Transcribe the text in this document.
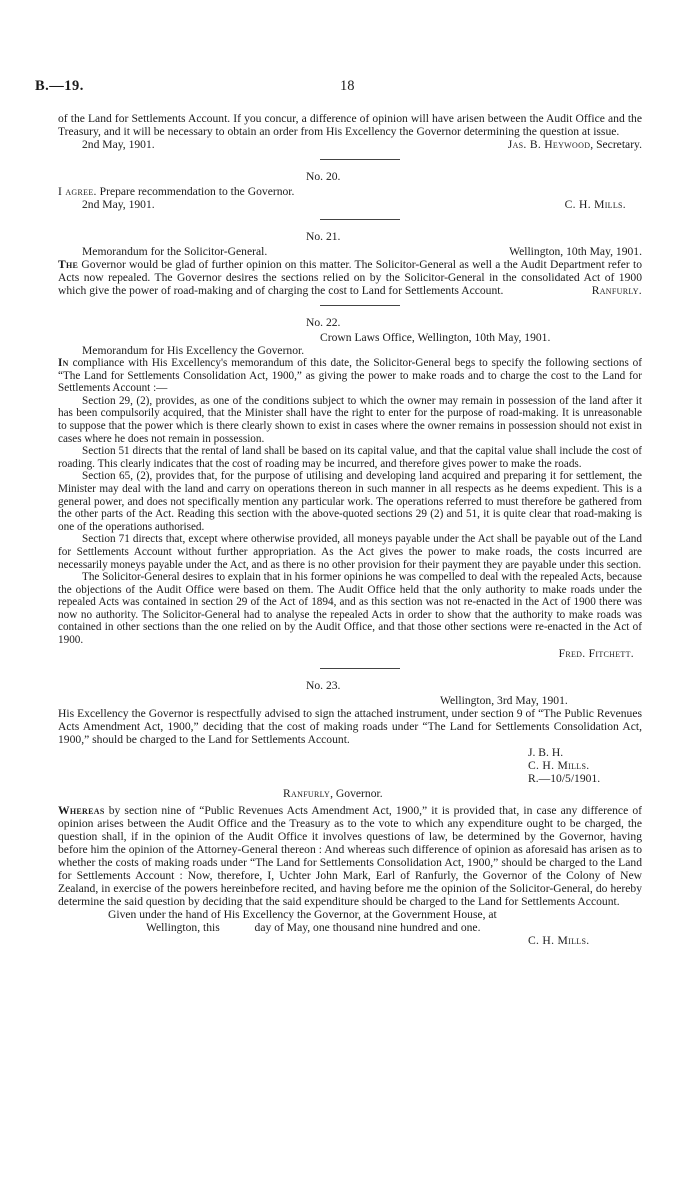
B.—19.	18

of the Land for Settlements Account. If you concur, a difference of opinion will have arisen between the Audit Office and the Treasury, and it will be necessary to obtain an order from His Excellency the Governor determining the question at issue.

2nd May, 1901.	Jas. B. Heywood, Secretary.
No. 20.

I agree. Prepare recommendation to the Governor.

2nd May, 1901.	C. H. Mills.
No. 21.
Memorandum for the Solicitor-General.	Wellington, 10th May, 1901.

The Governor would be glad of further opinion on this matter. The Solicitor-General as well a the Audit Department refer to Acts now repealed. The Governor desires the sections relied on by the Solicitor-General in the consolidated Act of 1900 which give the power of road-making and of charging the cost to Land for Settlements Account.	Ranfurly.
No. 22.
Crown Laws Office, Wellington, 10th May, 1901.
Memorandum for His Excellency the Governor.

In compliance with His Excellency's memorandum of this date, the Solicitor-General begs to specify the following sections of “The Land for Settlements Consolidation Act, 1900,” as giving the power to make roads and to charge the cost to the Land for Settlements Account :—

Section 29, (2), provides, as one of the conditions subject to which the owner may remain in possession of the land after it has been compulsorily acquired, that the Minister shall have the right to enter for the purpose of road-making. It is unreasonable to suppose that the power which is there clearly shown to exist in cases where the owner remains in possession should not exist in cases where he does not remain in possession.

Section 51 directs that the rental of land shall be based on its capital value, and that the capital value shall include the cost of roading. This clearly indicates that the cost of roading may be incurred, and therefore gives power to make the roads.

Section 65, (2), provides that, for the purpose of utilising and developing land acquired and preparing it for settlement, the Minister may deal with the land and carry on operations thereon in such manner in all respects as he deems expedient. This is a general power, and does not specifically mention any particular work. The operations referred to must therefore be gathered from the other parts of the Act. Reading this section with the above-quoted sections 29 (2) and 51, it is quite clear that road-making is one of the operations authorised.

Section 71 directs that, except where otherwise provided, all moneys payable under the Act shall be payable out of the Land for Settlements Account without further appropriation. As the Act gives the power to make roads, the costs incurred are necessarily moneys payable under the Act, and as there is no other provision for their payment they are payable under this section.

The Solicitor-General desires to explain that in his former opinions he was compelled to deal with the repealed Acts, because the objections of the Audit Office were based on them. The Audit Office held that the only authority to make roads under the repealed Acts was contained in section 29 of the Act of 1894, and as this section was not re-enacted in the Act of 1900 there was now no authority. The Solicitor-General had to analyse the repealed Acts in order to show that the authority to make roads was contained in other sections than the one relied on by the Audit Office, and that those other sections were re-enacted in the Act of 1900.

Fred. Fitchett.
No. 23.
Wellington, 3rd May, 1901.

His Excellency the Governor is respectfully advised to sign the attached instrument, under section 9 of “The Public Revenues Acts Amendment Act, 1900,” deciding that the cost of making roads under “The Land for Settlements Consolidation Act, 1900,” should be charged to the Land for Settlements Account.

J. B. H.
C. H. Mills.
R.—10/5/1901.
Ranfurly, Governor.

Whereas by section nine of “Public Revenues Acts Amendment Act, 1900,” it is provided that, in case any difference of opinion arises between the Audit Office and the Treasury as to the vote to which any expenditure ought to be charged, the question shall, if in the opinion of the Audit Office it involves questions of law, be determined by the Governor, having before him the opinion of the Attorney-General thereon : And whereas such difference of opinion as aforesaid has arisen as to whether the costs of making roads under “The Land for Settlements Consolidation Act, 1900,” should be charged to the Land for Settlements Account : Now, therefore, I, Uchter John Mark, Earl of Ranfurly, the Governor of the Colony of New Zealand, in exercise of the powers hereinbefore recited, and having before me the opinion of the Solicitor-General, do hereby determine the said question by deciding that the said expenditure should be charged to the Land for Settlements Account.

Given under the hand of His Excellency the Governor, at the Government House, at
Wellington, this            day of May, one thousand nine hundred and one.
C. H. Mills.
